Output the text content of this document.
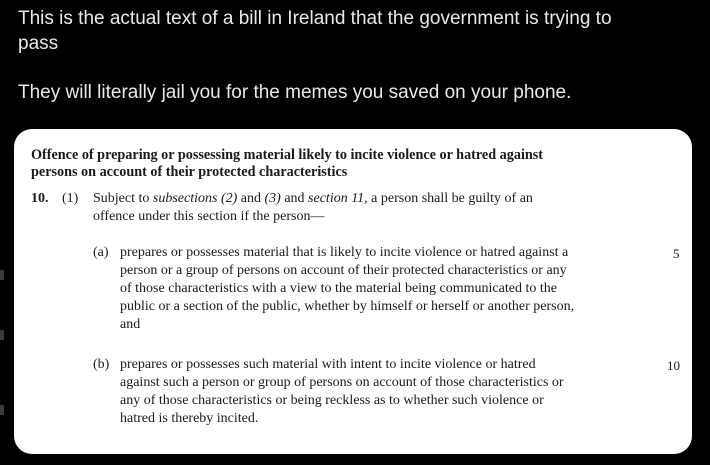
This is the actual text of a bill in Ireland that the government is trying to
pass
They will literally jail you for the memes you saved on your phone.
Offence of preparing or possessing material likely to incite violence or hatred against
persons on account of their protected characteristics
10. (1) Subject to subsections (2) and (3) and section 11, a person shall be guilty of an
offence under this section if the person—
(a) prepares or possesses material that is likely to incite violence or hatred against a
person or a group of persons on account of their protected characteristics or any
of those characteristics with a view to the material being communicated to the
public or a section of the public, whether by himself or herself or another person,
and
5
(b) prepares or possesses such material with intent to incite violence or hatred
against such a person or group of persons on account of those characteristics or
any of those characteristics or being reckless as to whether such violence or
hatred is thereby incited.
10
